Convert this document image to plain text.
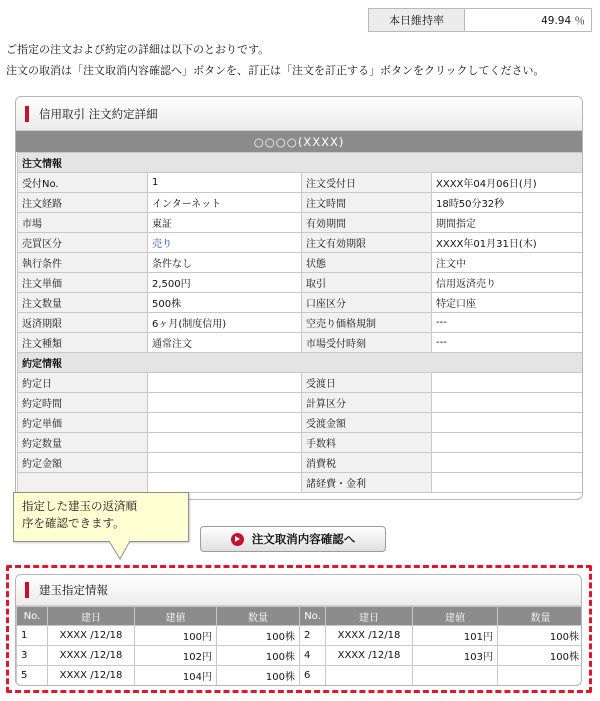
本日維持率	49.94 ％
ご指定の注文および約定の詳細は以下のとおりです。
注文の取消は「注文取消内容確認へ」ボタンを、訂正は「注文を訂正する」ボタンをクリックしてください。
信用取引 注文約定詳細
○○○○(XXXX)
注文情報			
受付No.	1	注文受付日	XXXX年04月06日(月)
注文経路	インターネット	注文時間	18時50分32秒
市場	東証	有効期間	期間指定
売買区分	売り	注文有効期限	XXXX年01月31日(木)
執行条件	条件なし	状態	注文中
注文単価	2,500円	取引	信用返済売り
注文数量	500株	口座区分	特定口座
返済期限	6ヶ月(制度信用)	空売り価格規制	---
注文種類	通常注文	市場受付時刻	---
約定情報			
約定日		受渡日	
約定時間		計算区分	
約定単価		受渡金額	
約定数量		手数料	
約定金額		消費税	
		諸経費・金利	
指定した建玉の返済順
序を確認できます。
注文取消内容確認へ
建玉指定情報
No.	建日	建値	数量	No.	建日	建値	数量
1	XXXX /12/18	100円	100株	2	XXXX /12/18	101円	100株
3	XXXX /12/18	102円	100株	4	XXXX /12/18	103円	100株
5	XXXX /12/18	104円	100株	6			
